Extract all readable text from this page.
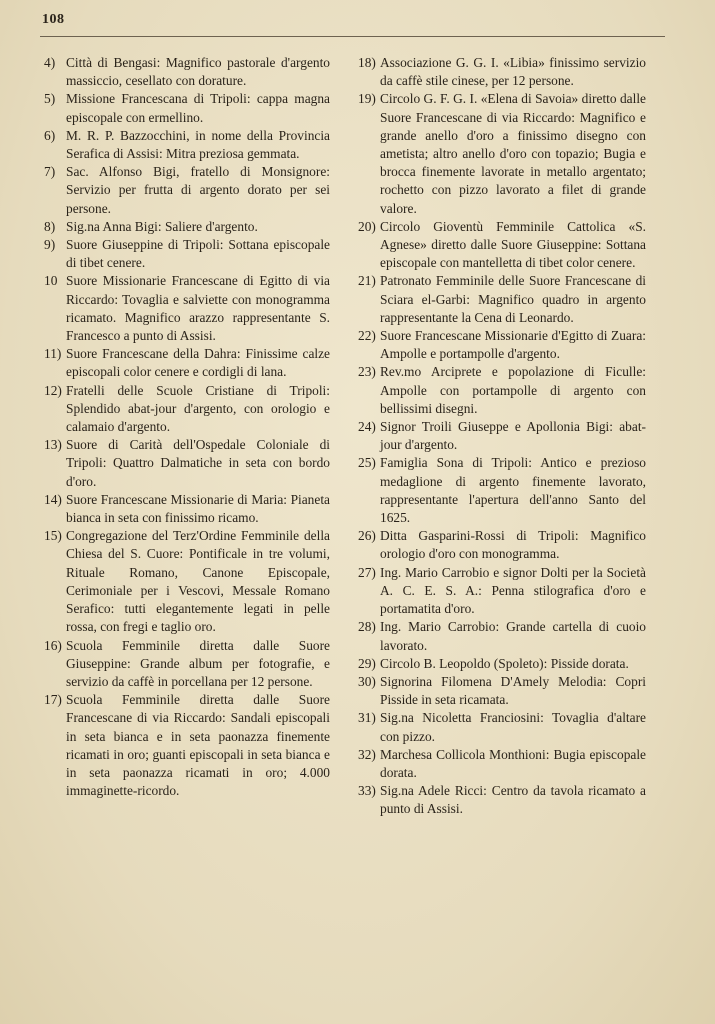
108
4) Città di Bengasi: Magnifico pastorale d'argento massiccio, cesellato con dorature.
5) Missione Francescana di Tripoli: cappa magna episcopale con ermellino.
6) M. R. P. Bazzocchini, in nome della Provincia Serafica di Assisi: Mitra preziosa gemmata.
7) Sac. Alfonso Bigi, fratello di Monsignore: Servizio per frutta di argento dorato per sei persone.
8) Sig.na Anna Bigi: Saliere d'argento.
9) Suore Giuseppine di Tripoli: Sottana episcopale di tibet cenere.
10 Suore Missionarie Francescane di Egitto di via Riccardo: Tovaglia e salviette con monogramma ricamato. Magnifico arazzo rappresentante S. Francesco a punto di Assisi.
11) Suore Francescane della Dahra: Finissime calze episcopali color cenere e cordigli di lana.
12) Fratelli delle Scuole Cristiane di Tripoli: Splendido abat-jour d'argento, con orologio e calamaio d'argento.
13) Suore di Carità dell'Ospedale Coloniale di Tripoli: Quattro Dalmatiche in seta con bordo d'oro.
14) Suore Francescane Missionarie di Maria: Pianeta bianca in seta con finissimo ricamo.
15) Congregazione del Terz'Ordine Femminile della Chiesa del S. Cuore: Pontificale in tre volumi, Rituale Romano, Canone Episcopale, Cerimoniale per i Vescovi, Messale Romano Serafico: tutti elegantemente legati in pelle rossa, con fregi e taglio oro.
16) Scuola Femminile diretta dalle Suore Giuseppine: Grande album per fotografie, e servizio da caffè in porcellana per 12 persone.
17) Scuola Femminile diretta dalle Suore Francescane di via Riccardo: Sandali episcopali in seta bianca e in seta paonazza finemente ricamati in oro; guanti episcopali in seta bianca e in seta paonazza ricamati in oro; 4.000 immaginette-ricordo.
18) Associazione G. G. I. «Libia» finissimo servizio da caffè stile cinese, per 12 persone.
19) Circolo G. F. G. I. «Elena di Savoia» diretto dalle Suore Francescane di via Riccardo: Magnifico e grande anello d'oro a finissimo disegno con ametista; altro anello d'oro con topazio; Bugia e brocca finemente lavorate in metallo argentato; rochetto con pizzo lavorato a filet di grande valore.
20) Circolo Gioventù Femminile Cattolica «S. Agnese» diretto dalle Suore Giuseppine: Sottana episcopale con mantelletta di tibet color cenere.
21) Patronato Femminile delle Suore Francescane di Sciara el-Garbi: Magnifico quadro in argento rappresentante la Cena di Leonardo.
22) Suore Francescane Missionarie d'Egitto di Zuara: Ampolle e portampolle d'argento.
23) Rev.mo Arciprete e popolazione di Ficulle: Ampolle con portampolle di argento con bellissimi disegni.
24) Signor Troili Giuseppe e Apollonia Bigi: abat-jour d'argento.
25) Famiglia Sona di Tripoli: Antico e prezioso medaglione di argento finemente lavorato, rappresentante l'apertura dell'anno Santo del 1625.
26) Ditta Gasparini-Rossi di Tripoli: Magnifico orologio d'oro con monogramma.
27) Ing. Mario Carrobio e signor Dolti per la Società A. C. E. S. A.: Penna stilografica d'oro e portamatita d'oro.
28) Ing. Mario Carrobio: Grande cartella di cuoio lavorato.
29) Circolo B. Leopoldo (Spoleto): Pisside dorata.
30) Signorina Filomena D'Amely Melodia: Copri Pisside in seta ricamata.
31) Sig.na Nicoletta Franciosini: Tovaglia d'altare con pizzo.
32) Marchesa Collicola Monthioni: Bugia episcopale dorata.
33) Sig.na Adele Ricci: Centro da tavola ricamato a punto di Assisi.
